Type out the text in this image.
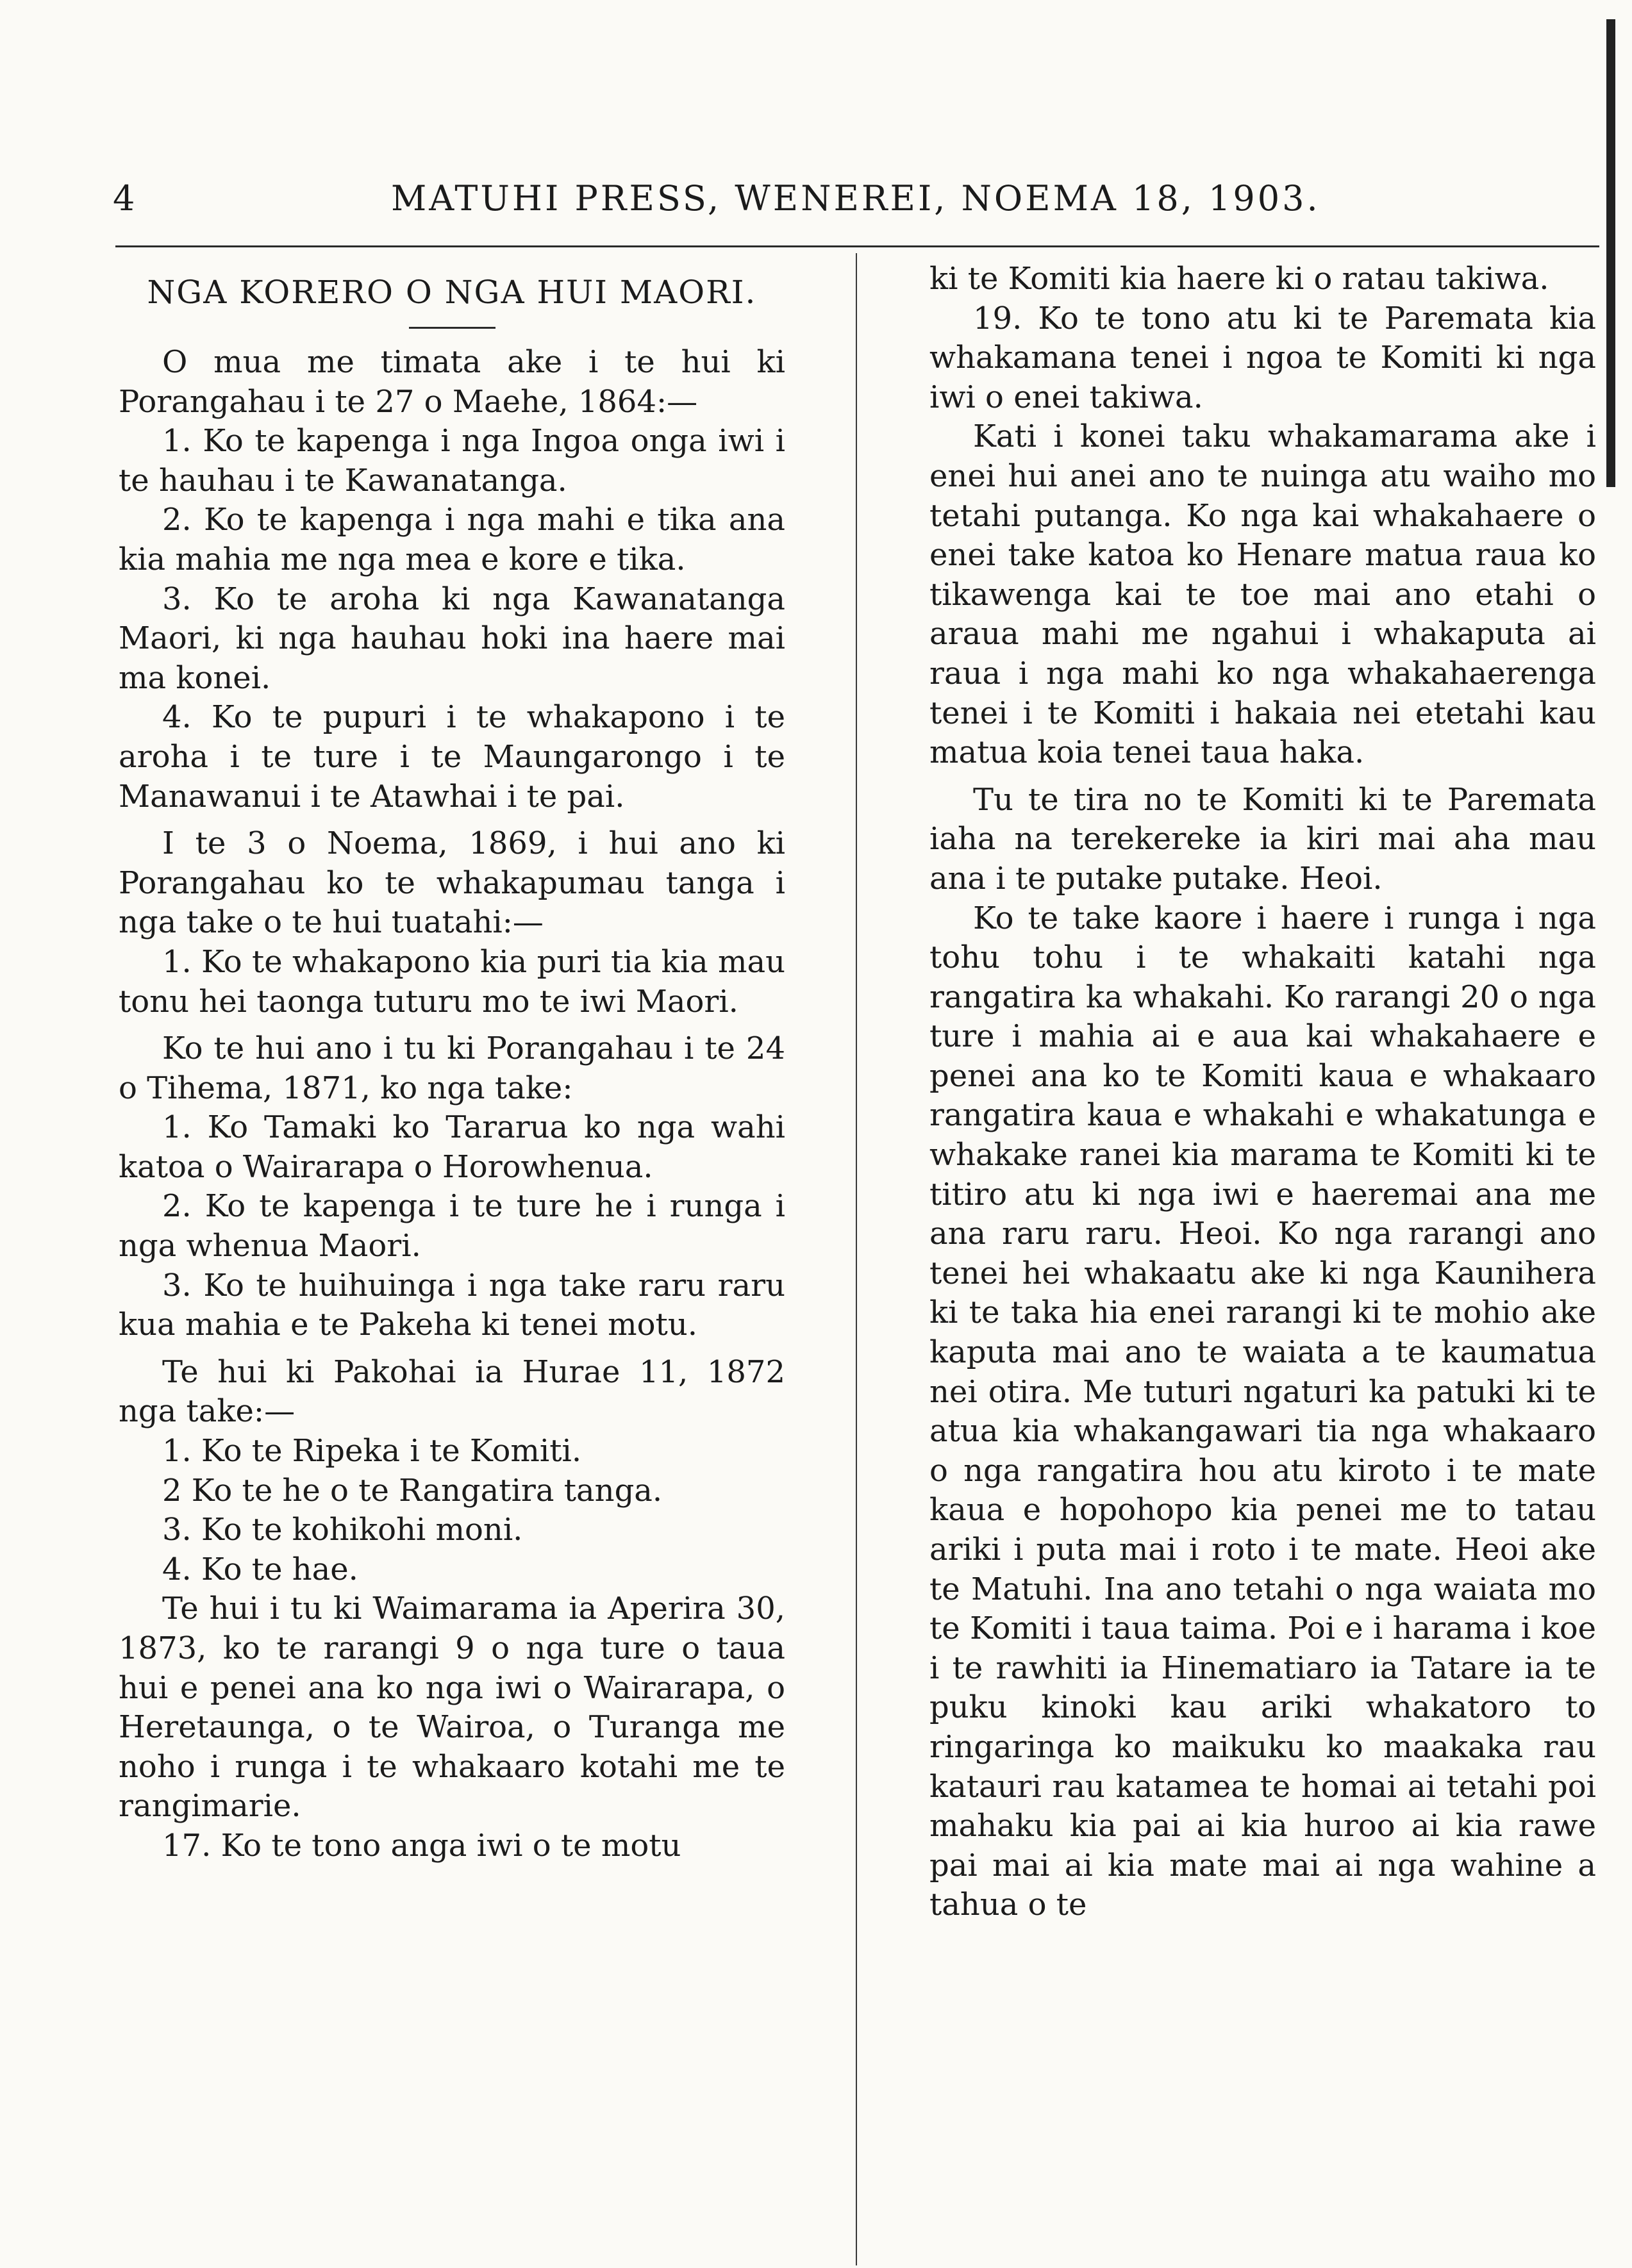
4	MATUHI PRESS, WENEREI, NOEMA 18, 1903.
NGA KORERO O NGA HUI MAORI.

O mua me timata ake i te hui ki Porangahau i te 27 o Maehe, 1864:—

1. Ko te kapenga i nga Ingoa onga iwi i te hauhau i te Kawanatanga.

2. Ko te kapenga i nga mahi e tika ana kia mahia me nga mea e kore e tika.

3. Ko te aroha ki nga Kawanatanga Maori, ki nga hauhau hoki ina haere mai ma konei.

4. Ko te pupuri i te whakapono i te aroha i te ture i te Maungarongo i te Manawanui i te Atawhai i te pai.

I te 3 o Noema, 1869, i hui ano ki Porangahau ko te whakapumau tanga i nga take o te hui tuatahi:—

1. Ko te whakapono kia puri tia kia mau tonu hei taonga tuturu mo te iwi Maori.

Ko te hui ano i tu ki Porangahau i te 24 o Tihema, 1871, ko nga take:

1. Ko Tamaki ko Tararua ko nga wahi katoa o Wairarapa o Horowhenua.

2. Ko te kapenga i te ture he i runga i nga whenua Maori.

3. Ko te huihuinga i nga take raru raru kua mahia e te Pakeha ki tenei motu.

Te hui ki Pakohai ia Hurae 11, 1872 nga take:—

1. Ko te Ripeka i te Komiti.

2 Ko te he o te Rangatira tanga.

3. Ko te kohikohi moni.

4. Ko te hae.

Te hui i tu ki Waimarama ia Aperira 30, 1873, ko te rarangi 9 o nga ture o taua hui e penei ana ko nga iwi o Wairarapa, o Heretaunga, o te Wairoa, o Turanga me noho i runga i te whakaaro kotahi me te rangimarie.

17. Ko te tono anga iwi o te motu

ki te Komiti kia haere ki o ratau takiwa.

19. Ko te tono atu ki te Paremata kia whakamana tenei i ngoa te Komiti ki nga iwi o enei takiwa.

Kati i konei taku whakamarama ake i enei hui anei ano te nuinga atu waiho mo tetahi putanga. Ko nga kai whakahaere o enei take katoa ko Henare matua raua ko tikawenga kai te toe mai ano etahi o araua mahi me ngahui i whakaputa ai raua i nga mahi ko nga whakahaerenga tenei i te Komiti i hakaia nei etetahi kau matua koia tenei taua haka.

Tu te tira no te Komiti ki te Paremata iaha na terekereke ia kiri mai aha mau ana i te putake putake. Heoi.

Ko te take kaore i haere i runga i nga tohu tohu i te whakaiti katahi nga rangatira ka whakahi. Ko rarangi 20 o nga ture i mahia ai e aua kai whakahaere e penei ana ko te Komiti kaua e whakaaro rangatira kaua e whakahi e whakatunga e whakake ranei kia marama te Komiti ki te titiro atu ki nga iwi e haeremai ana me ana raru raru. Heoi. Ko nga rarangi ano tenei hei whakaatu ake ki nga Kaunihera ki te taka hia enei rarangi ki te mohio ake kaputa mai ano te waiata a te kaumatua nei otira. Me tuturi ngaturi ka patuki ki te atua kia whakangawari tia nga whakaaro o nga rangatira hou atu kiroto i te mate kaua e hopohopo kia penei me to tatau ariki i puta mai i roto i te mate. Heoi ake te Matuhi. Ina ano tetahi o nga waiata mo te Komiti i taua taima. Poi e i harama i koe i te rawhiti ia Hinematiaro ia Tatare ia te puku kinoki kau ariki whakatoro to ringaringa ko maikuku ko maakaka rau katauri rau katamea te homai ai tetahi poi mahaku kia pai ai kia huroo ai kia rawe pai mai ai kia mate mai ai nga wahine a tahua o te
